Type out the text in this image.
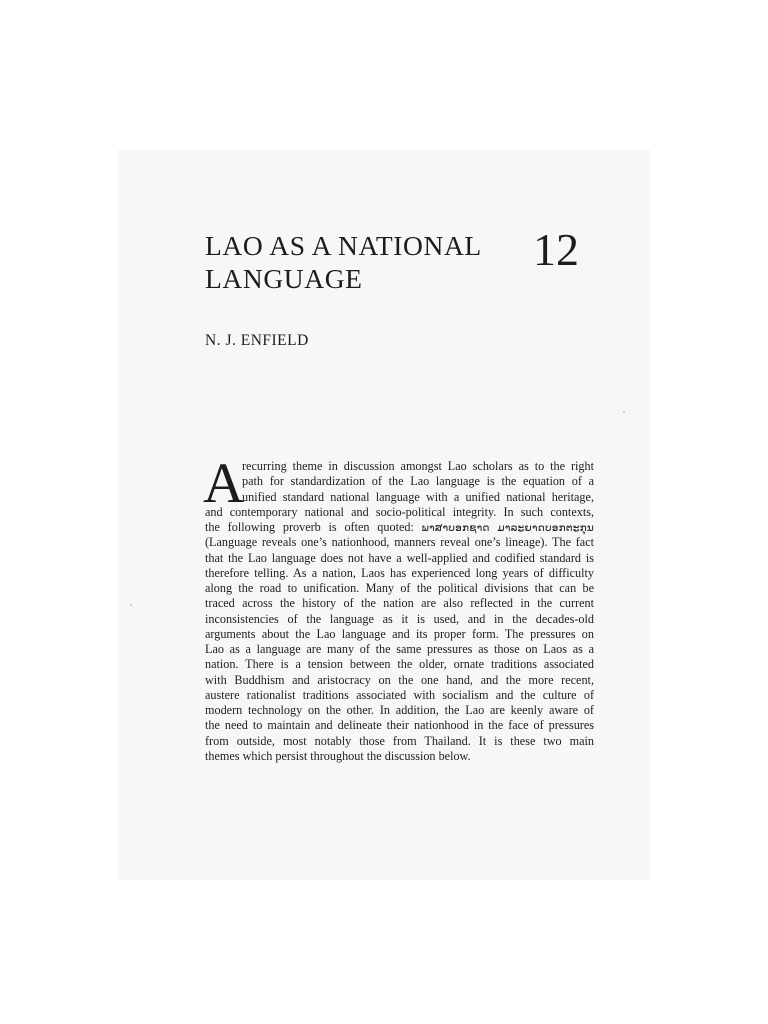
LAO AS A NATIONAL
LANGUAGE
12
N. J. ENFIELD
A
recurring theme in discussion amongst Lao scholars as to the right
path for standardization of the Lao language is the equation of a
unified standard national language with a unified national heritage,
and contemporary national and socio-political integrity. In such contexts,
the following proverb is often quoted: ພາສາບອກຊາດ ມາລະຍາດບອກຕະກຸນ
(Language reveals one’s nationhood, manners reveal one’s lineage). The fact
that the Lao language does not have a well-applied and codified standard is
therefore telling. As a nation, Laos has experienced long years of difficulty
along the road to unification. Many of the political divisions that can be
traced across the history of the nation are also reflected in the current
inconsistencies of the language as it is used, and in the decades-old
arguments about the Lao language and its proper form. The pressures on
Lao as a language are many of the same pressures as those on Laos as a
nation. There is a tension between the older, ornate traditions associated
with Buddhism and aristocracy on the one hand, and the more recent,
austere rationalist traditions associated with socialism and the culture of
modern technology on the other. In addition, the Lao are keenly aware of
the need to maintain and delineate their nationhood in the face of pressures
from outside, most notably those from Thailand. It is these two main
themes which persist throughout the discussion below.
